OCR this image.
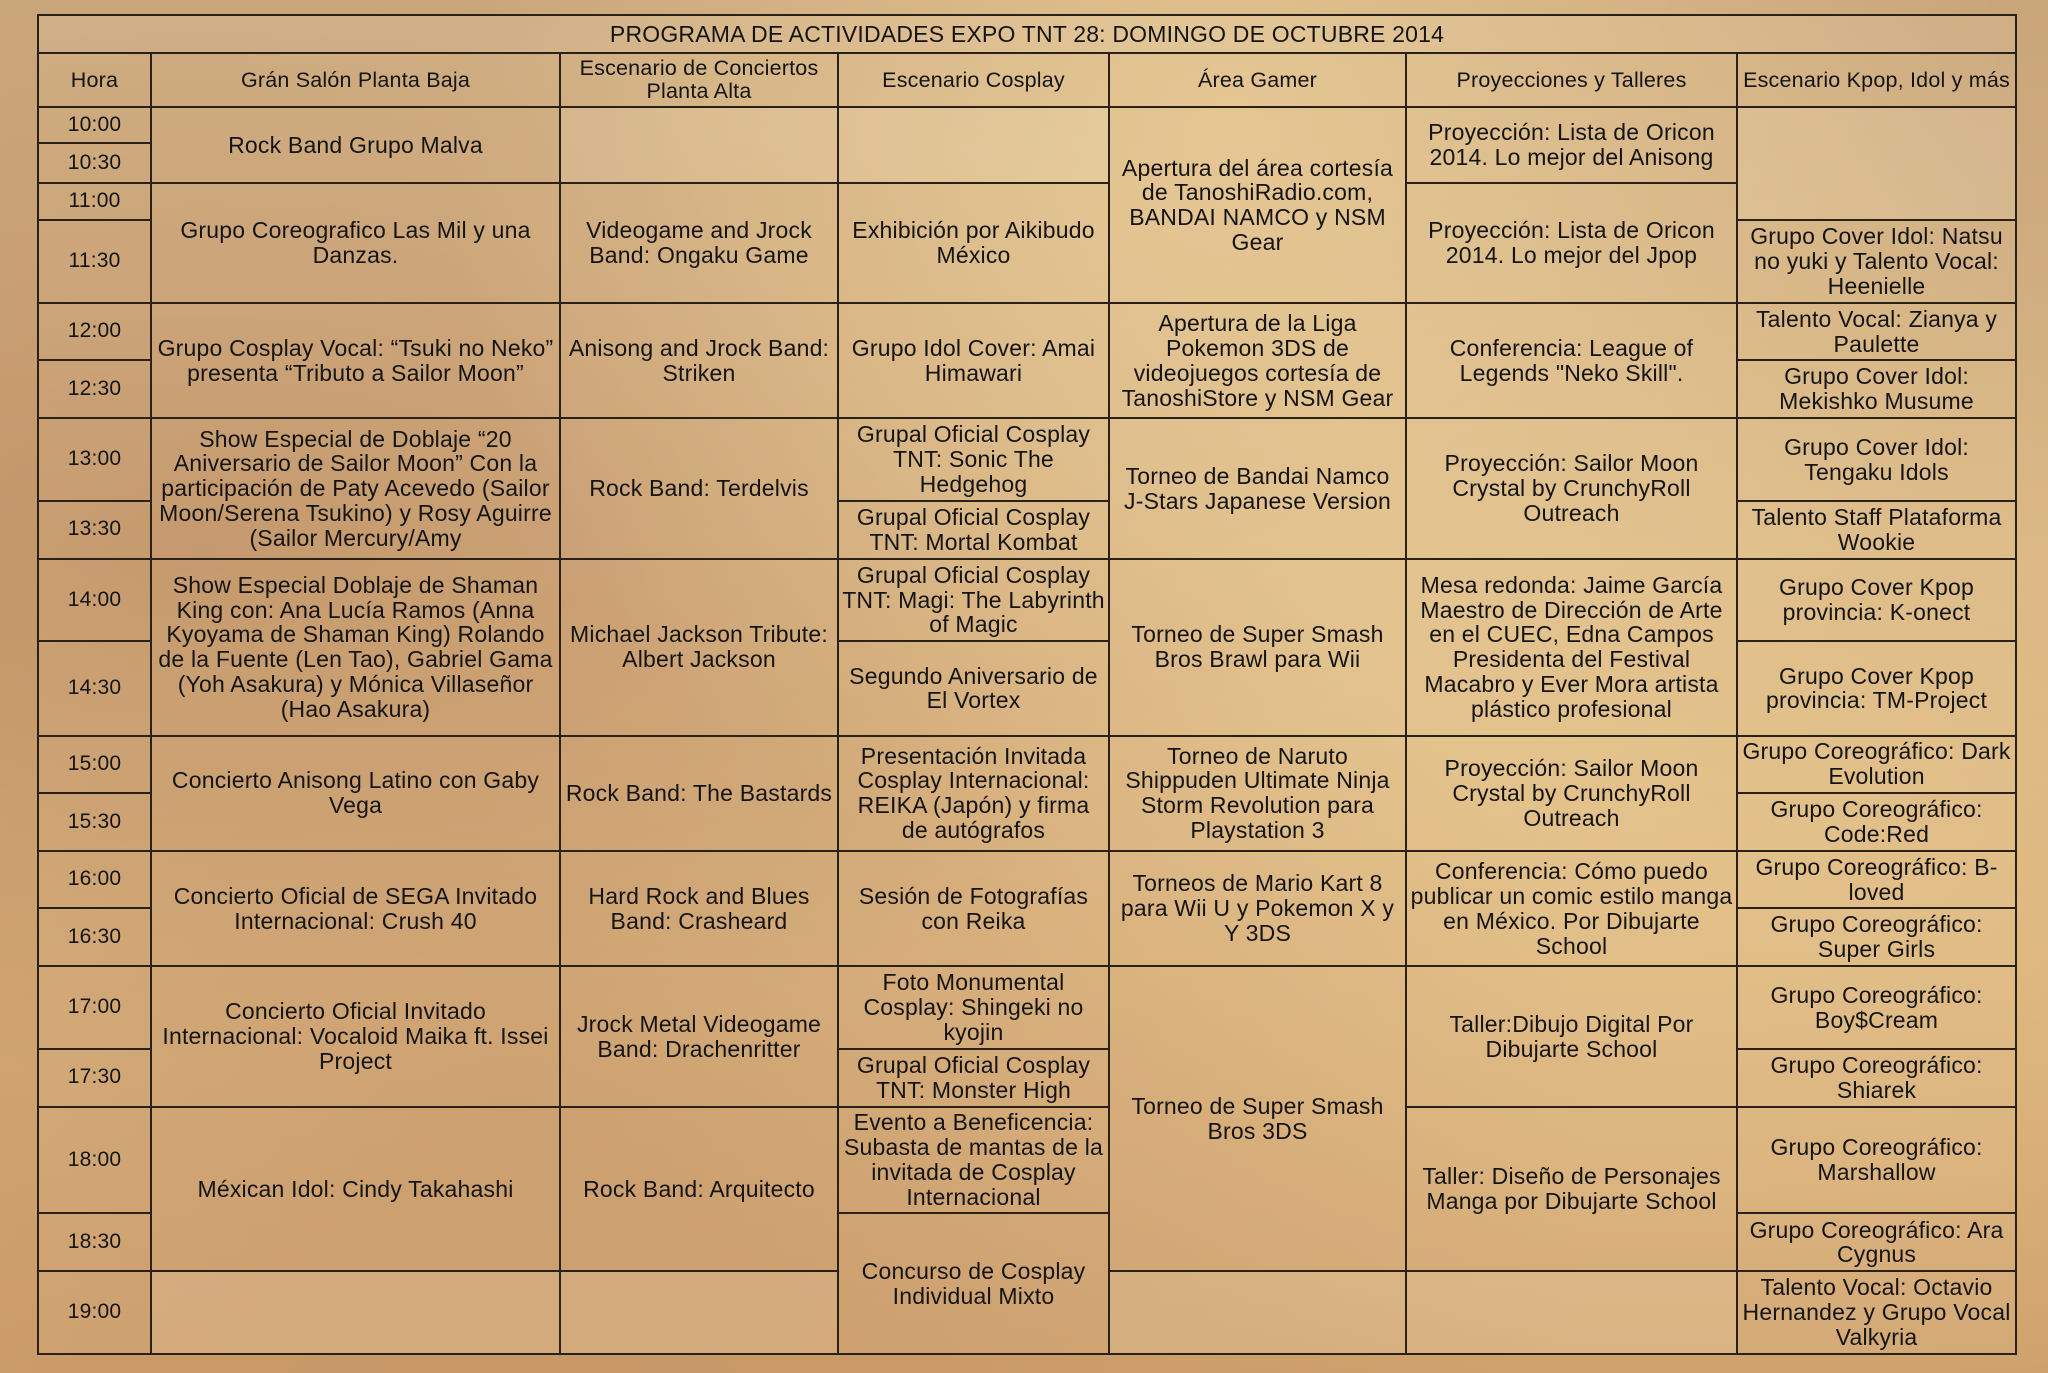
PROGRAMA DE ACTIVIDADES EXPO TNT 28: DOMINGO DE OCTUBRE 2014						
Hora	Grán Salón Planta Baja	Escenario de Conciertos Planta Alta	Escenario Cosplay	Área Gamer	Proyecciones y Talleres	Escenario Kpop, Idol y más
10:00	Rock Band Grupo Malva			Apertura del área cortesía de TanoshiRadio.com, BANDAI NAMCO y NSM Gear	Proyección: Lista de Oricon 2014. Lo mejor del Anisong	
10:30						
11:00	Grupo Coreografico Las Mil y una Danzas.	Videogame and Jrock Band: Ongaku Game	Exhibición por Aikibudo México		Proyección: Lista de Oricon 2014. Lo mejor del Jpop	
11:30						Grupo Cover Idol: Natsu no yuki y Talento Vocal: Heenielle
12:00	Grupo Cosplay Vocal: “Tsuki no Neko” presenta “Tributo a Sailor Moon”	Anisong and Jrock Band: Striken	Grupo Idol Cover: Amai Himawari	Apertura de la Liga Pokemon 3DS de videojuegos cortesía de TanoshiStore y NSM Gear	Conferencia: League of Legends "Neko Skill".	Talento Vocal: Zianya y Paulette
12:30						Grupo Cover Idol: Mekishko Musume
13:00	Show Especial de Doblaje “20 Aniversario de Sailor Moon” Con la participación de Paty Acevedo (Sailor Moon/Serena Tsukino) y Rosy Aguirre (Sailor Mercury/Amy	Rock Band: Terdelvis	Grupal Oficial Cosplay TNT: Sonic The Hedgehog	Torneo de Bandai Namco J-Stars Japanese Version	Proyección: Sailor Moon Crystal by CrunchyRoll Outreach	Grupo Cover Idol: Tengaku Idols
13:30			Grupal Oficial Cosplay TNT: Mortal Kombat			Talento Staff Plataforma Wookie
14:00	Show Especial Doblaje de Shaman King con: Ana Lucía Ramos (Anna Kyoyama de Shaman King) Rolando de la Fuente (Len Tao), Gabriel Gama (Yoh Asakura) y Mónica Villaseñor (Hao Asakura)	Michael Jackson Tribute: Albert Jackson	Grupal Oficial Cosplay TNT: Magi: The Labyrinth of Magic	Torneo de Super Smash Bros Brawl para Wii	Mesa redonda: Jaime García Maestro de Dirección de Arte en el CUEC, Edna Campos Presidenta del Festival Macabro y Ever Mora artista plástico profesional	Grupo Cover Kpop provincia: K-onect
14:30			Segundo Aniversario de El Vortex			Grupo Cover Kpop provincia: TM-Project
15:00	Concierto Anisong Latino con Gaby Vega	Rock Band: The Bastards	Presentación Invitada Cosplay Internacional: REIKA (Japón) y firma de autógrafos	Torneo de Naruto Shippuden Ultimate Ninja Storm Revolution para Playstation 3	Proyección: Sailor Moon Crystal by CrunchyRoll Outreach	Grupo Coreográfico: Dark Evolution
15:30						Grupo Coreográfico: Code:Red
16:00	Concierto Oficial de SEGA Invitado Internacional: Crush 40	Hard Rock and Blues Band: Crasheard	Sesión de Fotografías con Reika	Torneos de Mario Kart 8 para Wii U y Pokemon X y Y 3DS	Conferencia: Cómo puedo publicar un comic estilo manga en México. Por Dibujarte School	Grupo Coreográfico: B-loved
16:30						Grupo Coreográfico: Super Girls
17:00	Concierto Oficial Invitado Internacional: Vocaloid Maika ft. Issei Project	Jrock Metal Videogame Band: Drachenritter	Foto Monumental Cosplay: Shingeki no kyojin	Torneo de Super Smash Bros 3DS	Taller:Dibujo Digital Por Dibujarte School	Grupo Coreográfico: Boy$Cream
17:30			Grupal Oficial Cosplay TNT: Monster High			Grupo Coreográfico: Shiarek
18:00	Méxican Idol: Cindy Takahashi	Rock Band: Arquitecto	Evento a Beneficencia: Subasta de mantas de la invitada de Cosplay Internacional		Taller: Diseño de Personajes Manga por Dibujarte School	Grupo Coreográfico: Marshallow
18:30			Concurso de Cosplay Individual Mixto			Grupo Coreográfico: Ara Cygnus
19:00						Talento Vocal: Octavio Hernandez y Grupo Vocal Valkyria
